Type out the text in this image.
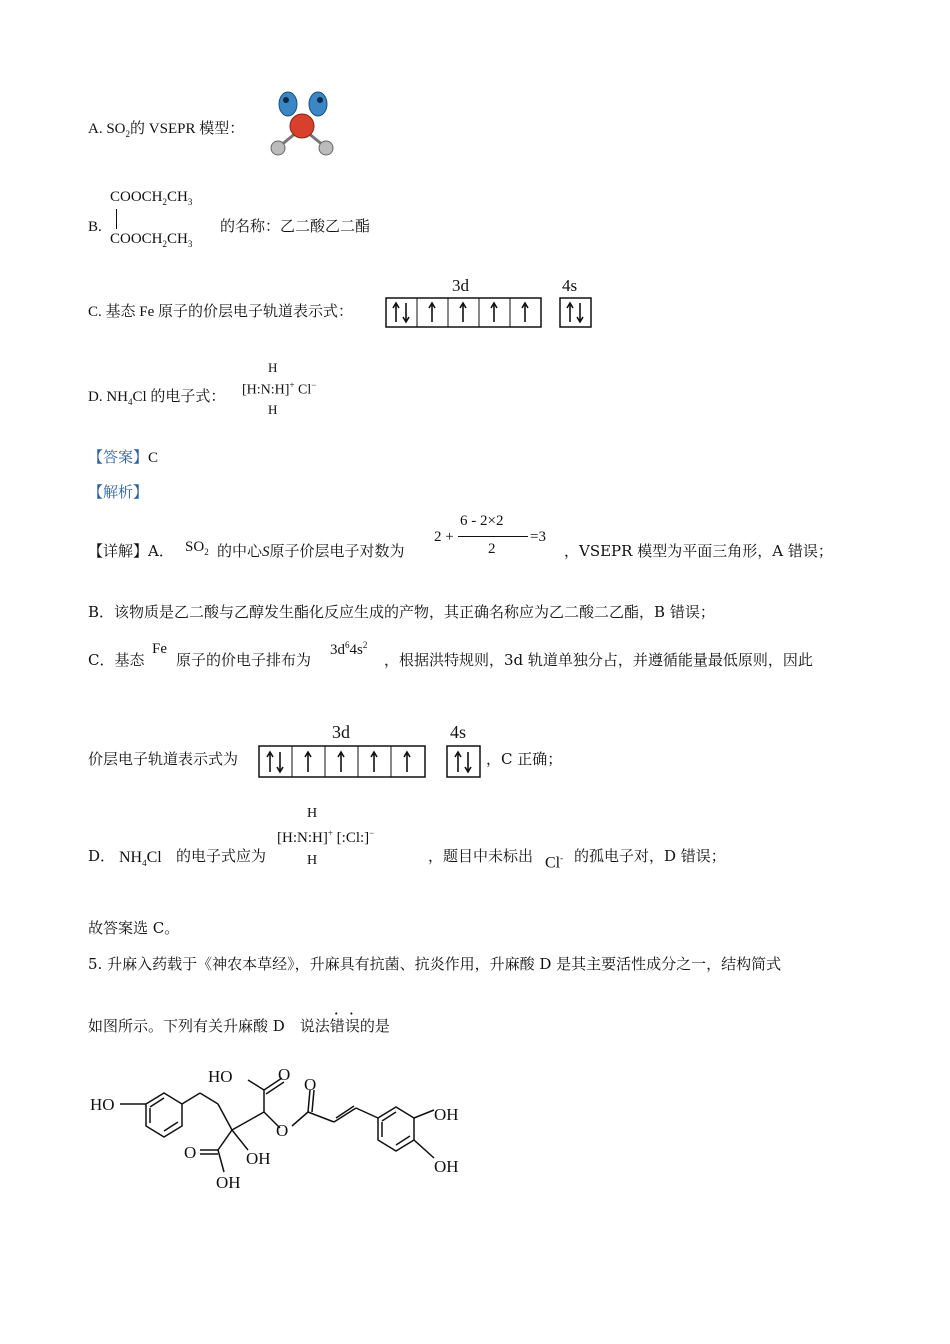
A. $SO_2$的 VSEPR 模型：
B.
$COOCH_2CH_3$
$COOCH_2CH_3$
的名称：乙二酸乙二酯
C. 基态 Fe 原子的价层电子轨道表示式：
3d	4s
D. $NH_4Cl$ 的电子式：
H
[H:N:H]+ Cl−
H
【答案】C
【解析】
【详解】A． $SO_2$ 的中心S原子价层电子对数为
2 +
6 - 2×2
2
=3
，VSEPR 模型为平面三角形，A 错误；
B．该物质是乙二酸与乙醇发生酯化反应生成的产物，其正确名称应为乙二酸二乙酯，B 错误；
C．基态
Fe
原子的价电子排布为
$3d^64s^2$
，根据洪特规则，3d 轨道单独分占，并遵循能量最低原则，因此
价层电子轨道表示式为
3d	4s
，C 正确；
D． $NH_4Cl$ 的电子式应为
H
[H:N:H]+ [:Cl:]−
H	，题目中未标出 Cl- 的孤电子对，D 错误；
故答案选 C。
5. 升麻入药载于《神农本草经》，升麻具有抗菌、抗炎作用，升麻酸 D 是其主要活性成分之一，结构简式
如图所示。下列有关升麻酸 D　说法错误的是
HO
HO	O
O
O
O
OH
OH
OH
OH
